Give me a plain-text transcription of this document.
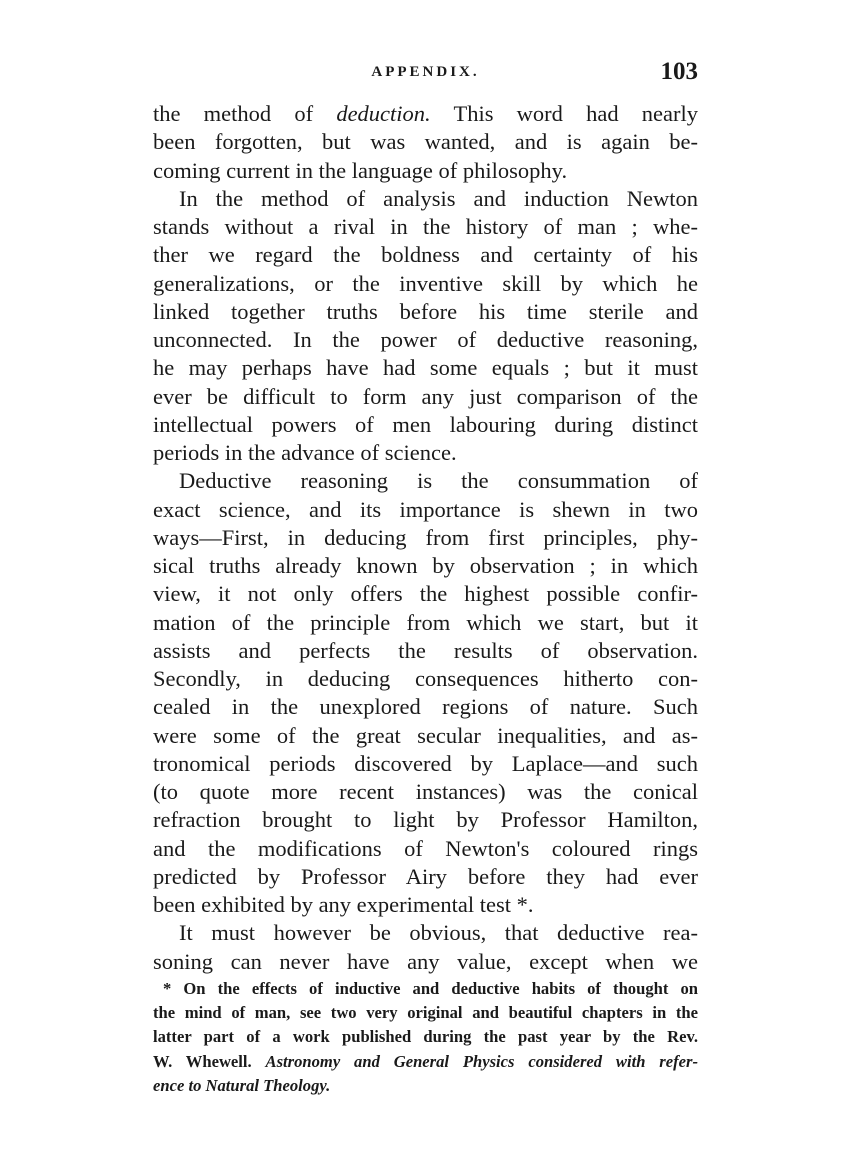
APPENDIX.	103
the method of deduction. This word had nearly
been forgotten, but was wanted, and is again be-
coming current in the language of philosophy.
In the method of analysis and induction Newton
stands without a rival in the history of man ; whe-
ther we regard the boldness and certainty of his
generalizations, or the inventive skill by which he
linked together truths before his time sterile and
unconnected. In the power of deductive reasoning,
he may perhaps have had some equals ; but it must
ever be difficult to form any just comparison of the
intellectual powers of men labouring during distinct
periods in the advance of science.
Deductive reasoning is the consummation of
exact science, and its importance is shewn in two
ways—First, in deducing from first principles, phy-
sical truths already known by observation ; in which
view, it not only offers the highest possible confir-
mation of the principle from which we start, but it
assists and perfects the results of observation.
Secondly, in deducing consequences hitherto con-
cealed in the unexplored regions of nature. Such
were some of the great secular inequalities, and as-
tronomical periods discovered by Laplace—and such
(to quote more recent instances) was the conical
refraction brought to light by Professor Hamilton,
and the modifications of Newton's coloured rings
predicted by Professor Airy before they had ever
been exhibited by any experimental test *.
It must however be obvious, that deductive rea-
soning can never have any value, except when we
* On the effects of inductive and deductive habits of thought on
the mind of man, see two very original and beautiful chapters in the
latter part of a work published during the past year by the Rev.
W. Whewell. Astronomy and General Physics considered with refer-
ence to Natural Theology.
